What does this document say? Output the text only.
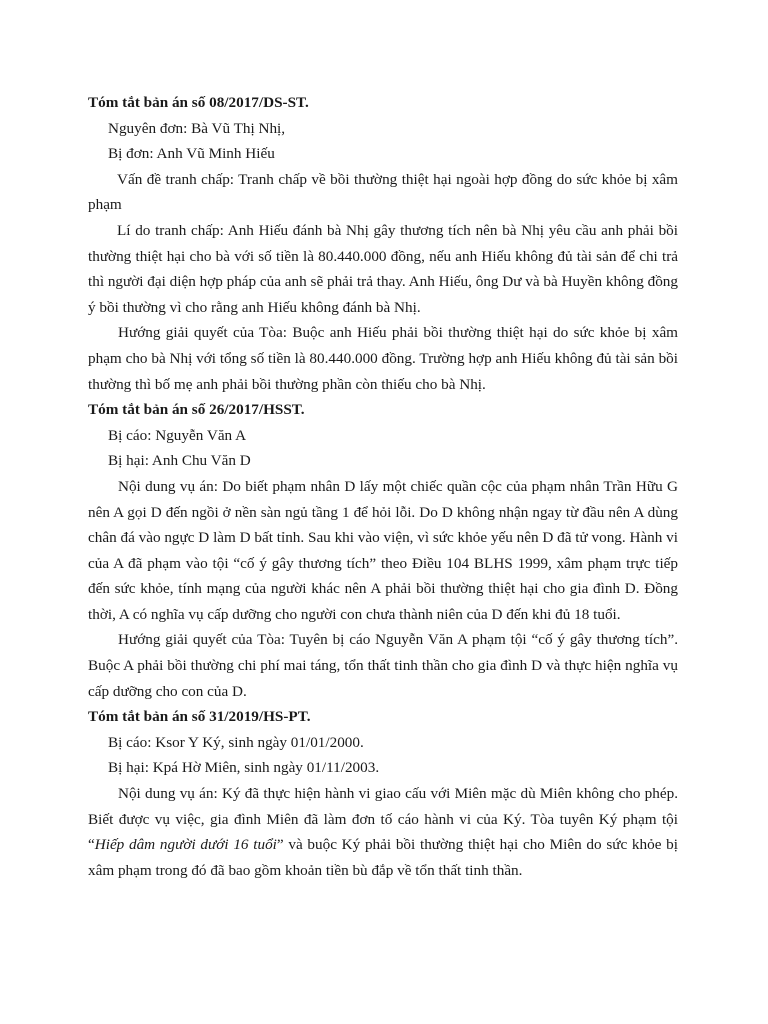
Tóm tắt bản án số 08/2017/DS-ST.

Nguyên đơn: Bà Vũ Thị Nhị,

Bị đơn: Anh Vũ Minh Hiếu

Vấn đề tranh chấp: Tranh chấp về bồi thường thiệt hại ngoài hợp đồng do sức khỏe bị xâm phạm

Lí do tranh chấp: Anh Hiếu đánh bà Nhị gây thương tích nên bà Nhị yêu cầu anh phải bồi thường thiệt hại cho bà với số tiền là 80.440.000 đồng, nếu anh Hiếu không đủ tài sản để chi trả thì người đại diện hợp pháp của anh sẽ phải trả thay. Anh Hiếu, ông Dư và bà Huyền không đồng ý bồi thường vì cho rằng anh Hiếu không đánh bà Nhị.

Hướng giải quyết của Tòa: Buộc anh Hiếu phải bồi thường thiệt hại do sức khỏe bị xâm phạm cho bà Nhị với tổng số tiền là 80.440.000 đồng. Trường hợp anh Hiếu không đủ tài sản bồi thường thì bố mẹ anh phải bồi thường phần còn thiếu cho bà Nhị.

Tóm tắt bản án số 26/2017/HSST.

Bị cáo: Nguyễn Văn A

Bị hại: Anh Chu Văn D

Nội dung vụ án: Do biết phạm nhân D lấy một chiếc quần cộc của phạm nhân Trần Hữu G nên A gọi D đến ngồi ở nền sàn ngủ tầng 1 để hỏi lỗi. Do D không nhận ngay từ đầu nên A dùng chân đá vào ngực D làm D bất tỉnh. Sau khi vào viện, vì sức khỏe yếu nên D đã tử vong. Hành vi của A đã phạm vào tội “cố ý gây thương tích” theo Điều 104 BLHS 1999, xâm phạm trực tiếp đến sức khỏe, tính mạng của người khác nên A phải bồi thường thiệt hại cho gia đình D. Đồng thời, A có nghĩa vụ cấp dưỡng cho người con chưa thành niên của D đến khi đủ 18 tuổi.

Hướng giải quyết của Tòa: Tuyên bị cáo Nguyễn Văn A phạm tội “cố ý gây thương tích”. Buộc A phải bồi thường chi phí mai táng, tổn thất tinh thần cho gia đình D và thực hiện nghĩa vụ cấp dưỡng cho con của D.

Tóm tắt bản án số 31/2019/HS-PT.

Bị cáo: Ksor Y Ký, sinh ngày 01/01/2000.

Bị hại: Kpá Hờ Miên, sinh ngày 01/11/2003.

Nội dung vụ án: Ký đã thực hiện hành vi giao cấu với Miên mặc dù Miên không cho phép. Biết được vụ việc, gia đình Miên đã làm đơn tố cáo hành vi của Ký. Tòa tuyên Ký phạm tội “Hiếp dâm người dưới 16 tuổi” và buộc Ký phải bồi thường thiệt hại cho Miên do sức khỏe bị xâm phạm trong đó đã bao gồm khoản tiền bù đắp về tổn thất tinh thần.
